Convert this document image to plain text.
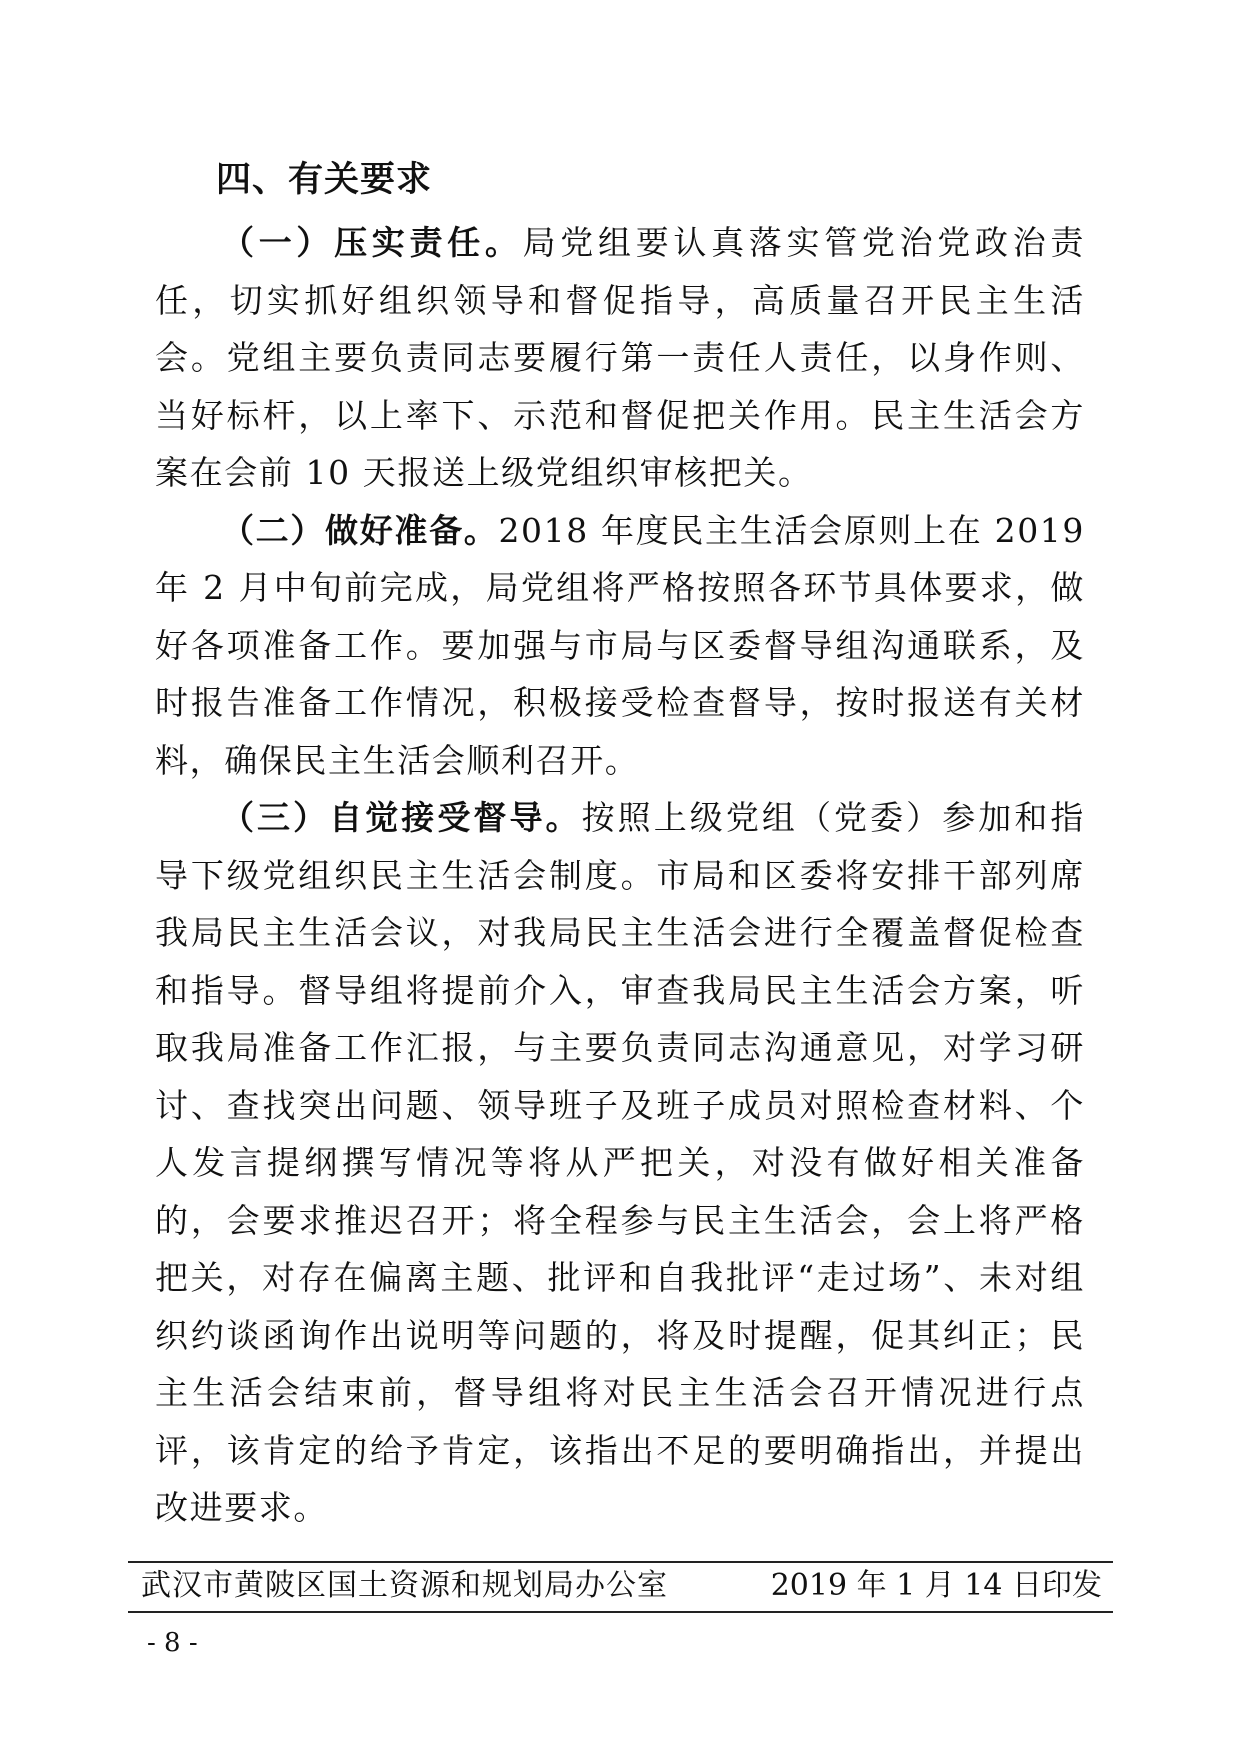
四、有关要求

（一）压实责任。局党组要认真落实管党治党政治责任，切实抓好组织领导和督促指导，高质量召开民主生活会。党组主要负责同志要履行第一责任人责任，以身作则、当好标杆，以上率下、示范和督促把关作用。民主生活会方案在会前 10 天报送上级党组织审核把关。

（二）做好准备。2018 年度民主生活会原则上在 2019 年 2 月中旬前完成，局党组将严格按照各环节具体要求，做好各项准备工作。要加强与市局与区委督导组沟通联系，及时报告准备工作情况，积极接受检查督导，按时报送有关材料，确保民主生活会顺利召开。

（三）自觉接受督导。按照上级党组（党委）参加和指导下级党组织民主生活会制度。市局和区委将安排干部列席我局民主生活会议，对我局民主生活会进行全覆盖督促检查和指导。督导组将提前介入，审查我局民主生活会方案，听取我局准备工作汇报，与主要负责同志沟通意见，对学习研讨、查找突出问题、领导班子及班子成员对照检查材料、个人发言提纲撰写情况等将从严把关，对没有做好相关准备的，会要求推迟召开；将全程参与民主生活会，会上将严格把关，对存在偏离主题、批评和自我批评“走过场”、未对组织约谈函询作出说明等问题的，将及时提醒，促其纠正；民主生活会结束前，督导组将对民主生活会召开情况进行点评，该肯定的给予肯定，该指出不足的要明确指出，并提出改进要求。

武汉市黄陂区国土资源和规划局办公室	2019 年 1 月 14 日印发
- 8 -
